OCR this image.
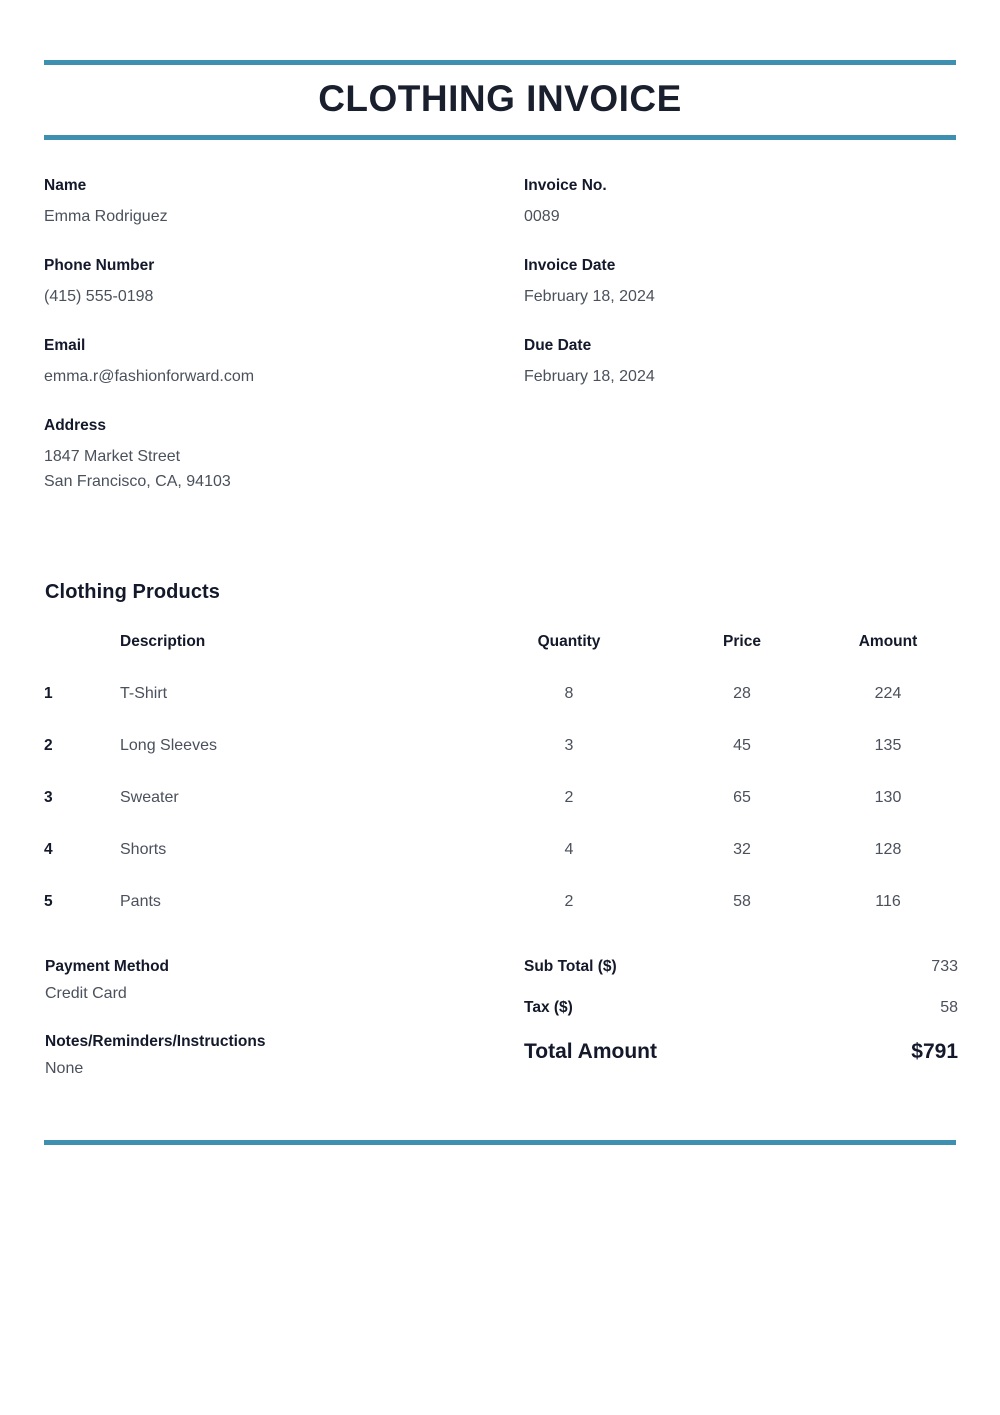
CLOTHING INVOICE
Name
Emma Rodriguez
Phone Number
(415) 555-0198
Email
emma.r@fashionforward.com
Address
1847 Market Street
San Francisco, CA, 94103
Invoice No.
0089
Invoice Date
February 18, 2024
Due Date
February 18, 2024
Clothing Products
	Description	Quantity	Price	Amount
1	T-Shirt	8	28	224
2	Long Sleeves	3	45	135
3	Sweater	2	65	130
4	Shorts	4	32	128
5	Pants	2	58	116
Payment Method
Credit Card
Notes/Reminders/Instructions
None
Sub Total ($)	733
Tax ($)	58
Total Amount	$791
